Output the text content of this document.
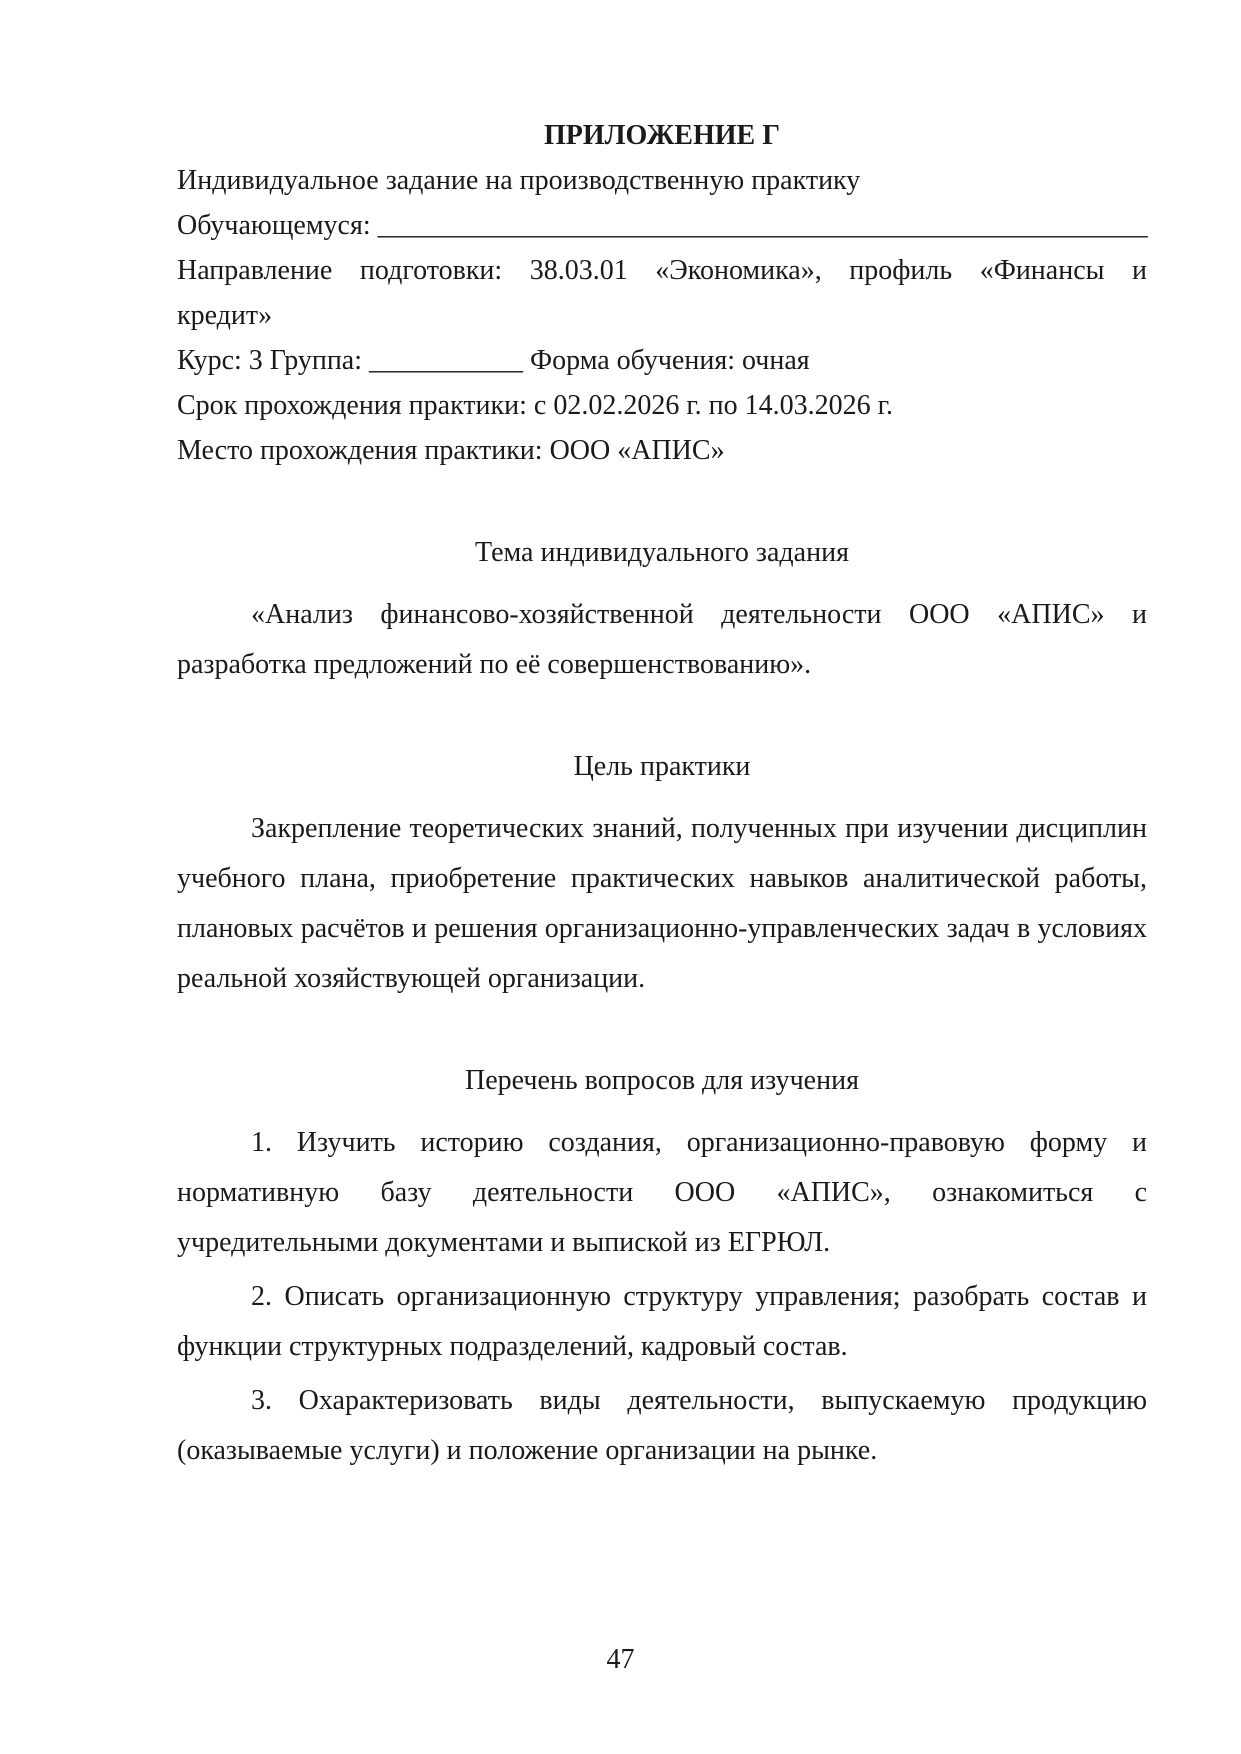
ПРИЛОЖЕНИЕ Г

Индивидуальное задание на производственную практику

Обучающемуся: _______________________________________________________

Направление подготовки: 38.03.01 «Экономика», профиль «Финансы и

кредит»

Курс: 3 Группа: ___________ Форма обучения: очная

Срок прохождения практики: с 02.02.2026 г. по 14.03.2026 г.

Место прохождения практики: ООО «АПИС»

Тема индивидуального задания

«Анализ финансово-хозяйственной деятельности ООО «АПИС» и разработка предложений по её совершенствованию».

Цель практики

Закрепление теоретических знаний, полученных при изучении дисциплин учебного плана, приобретение практических навыков аналитической работы, плановых расчётов и решения организационно-управленческих задач в условиях реальной хозяйствующей организации.

Перечень вопросов для изучения

1. Изучить историю создания, организационно-правовую форму и нормативную базу деятельности ООО «АПИС», ознакомиться с учредительными документами и выпиской из ЕГРЮЛ.

2. Описать организационную структуру управления; разобрать состав и функции структурных подразделений, кадровый состав.

3. Охарактеризовать виды деятельности, выпускаемую продукцию (оказываемые услуги) и положение организации на рынке.

47
